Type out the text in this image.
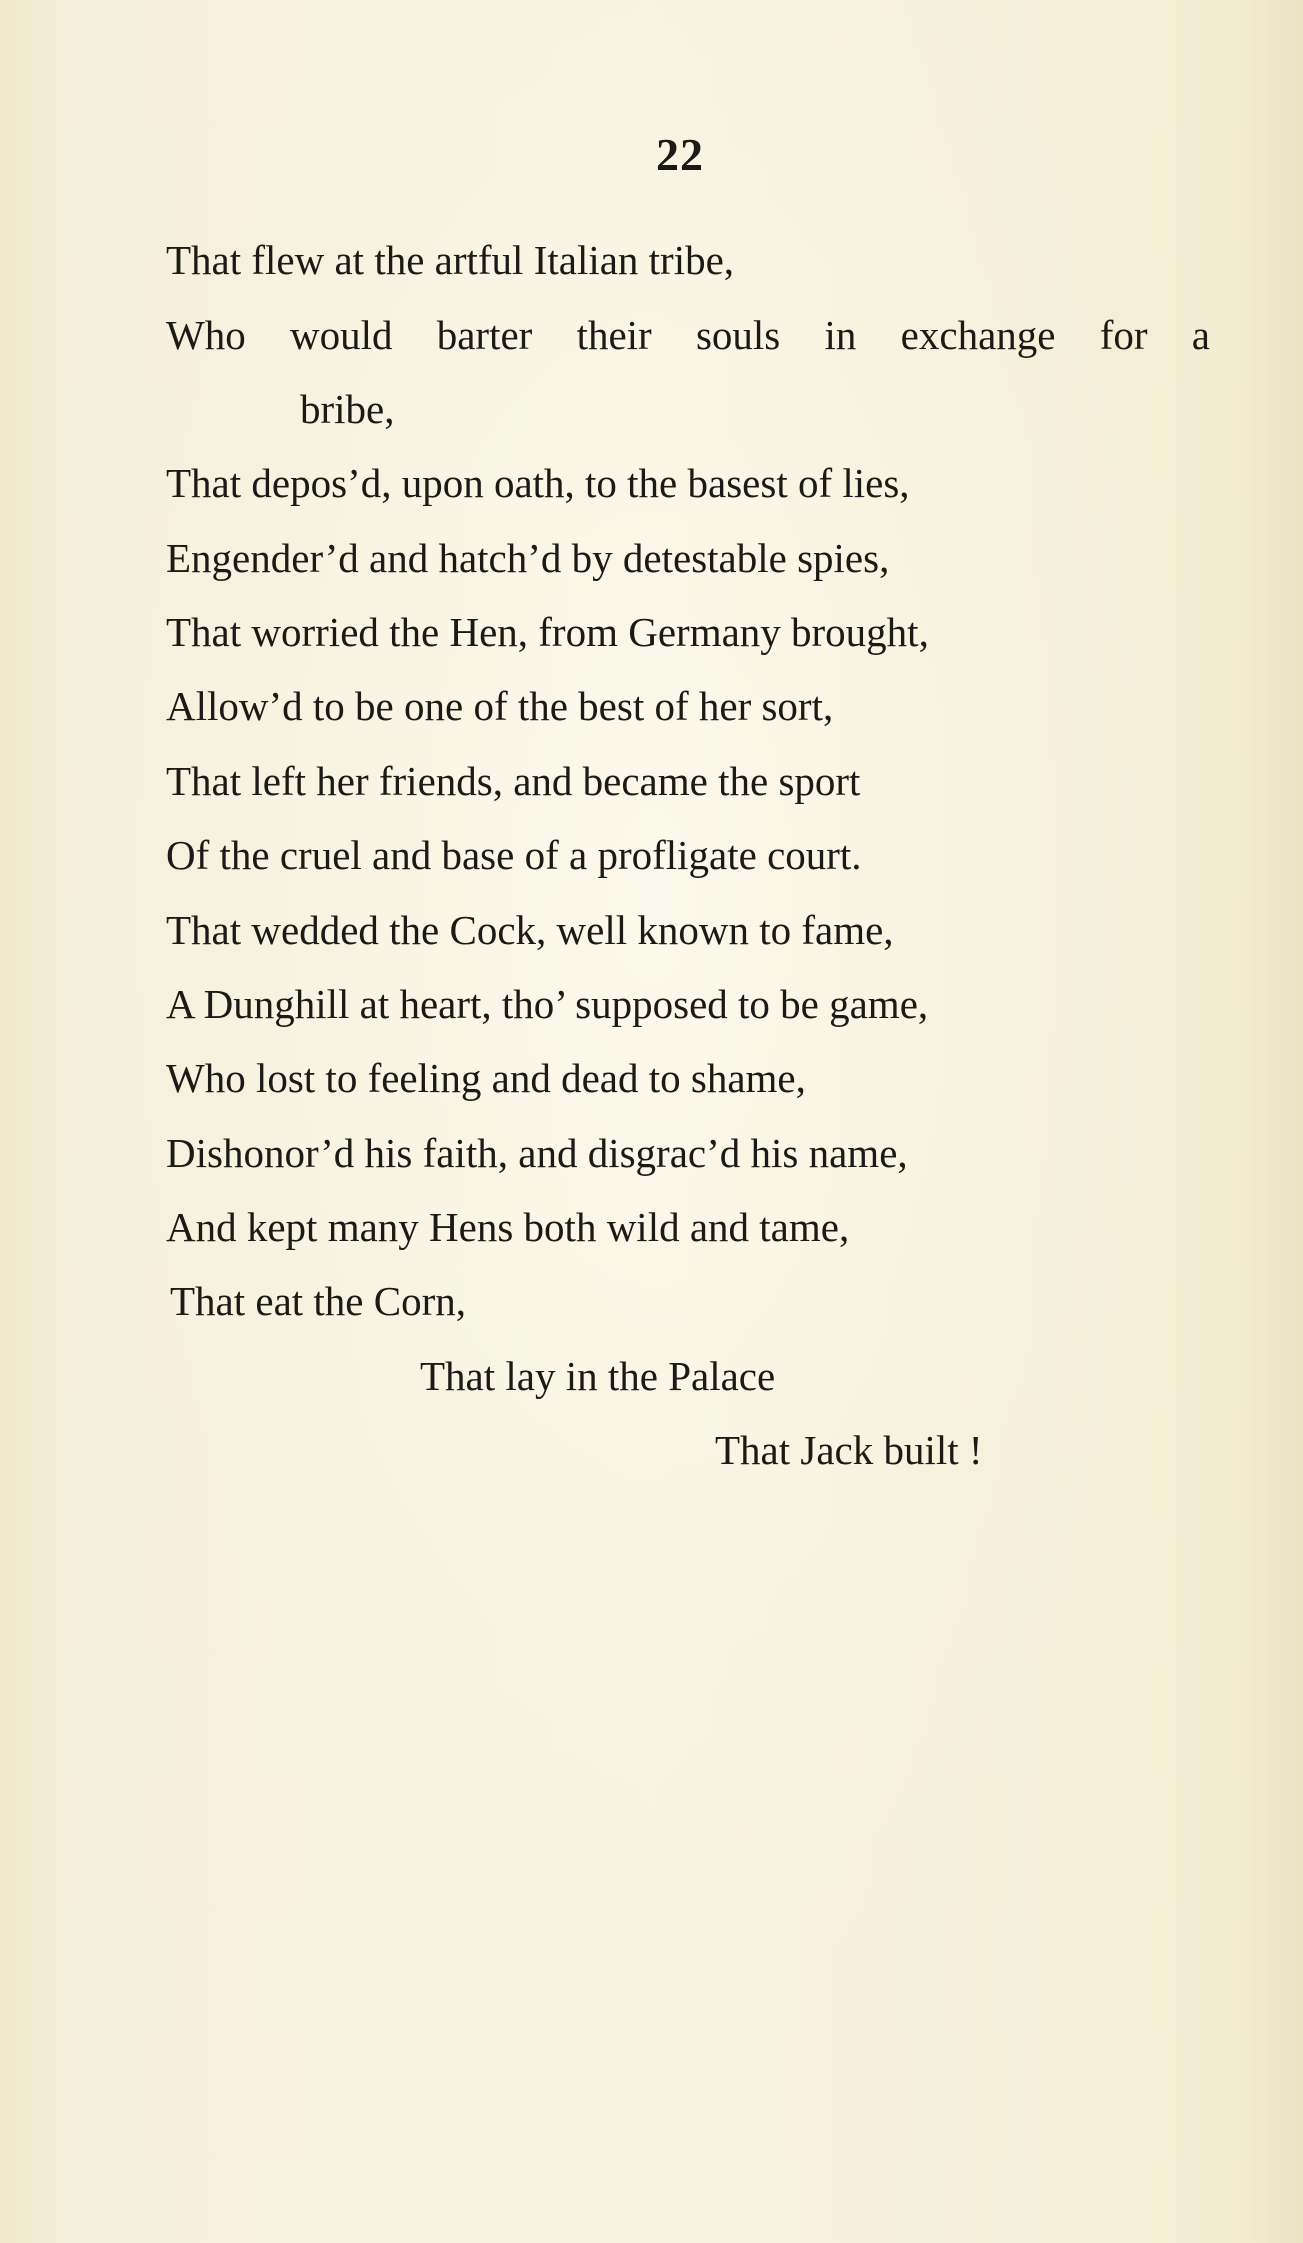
22
That flew at the artful Italian tribe,
Who would barter their souls in exchange for a
bribe,
That depos’d, upon oath, to the basest of lies,
Engender’d and hatch’d by detestable spies,
That worried the Hen, from Germany brought,
Allow’d to be one of the best of her sort,
That left her friends, and became the sport
Of the cruel and base of a profligate court.
That wedded the Cock, well known to fame,
A Dunghill at heart, tho’ supposed to be game,
Who lost to feeling and dead to shame,
Dishonor’d his faith, and disgrac’d his name,
And kept many Hens both wild and tame,
That eat the Corn,
That lay in the Palace
That Jack built !
